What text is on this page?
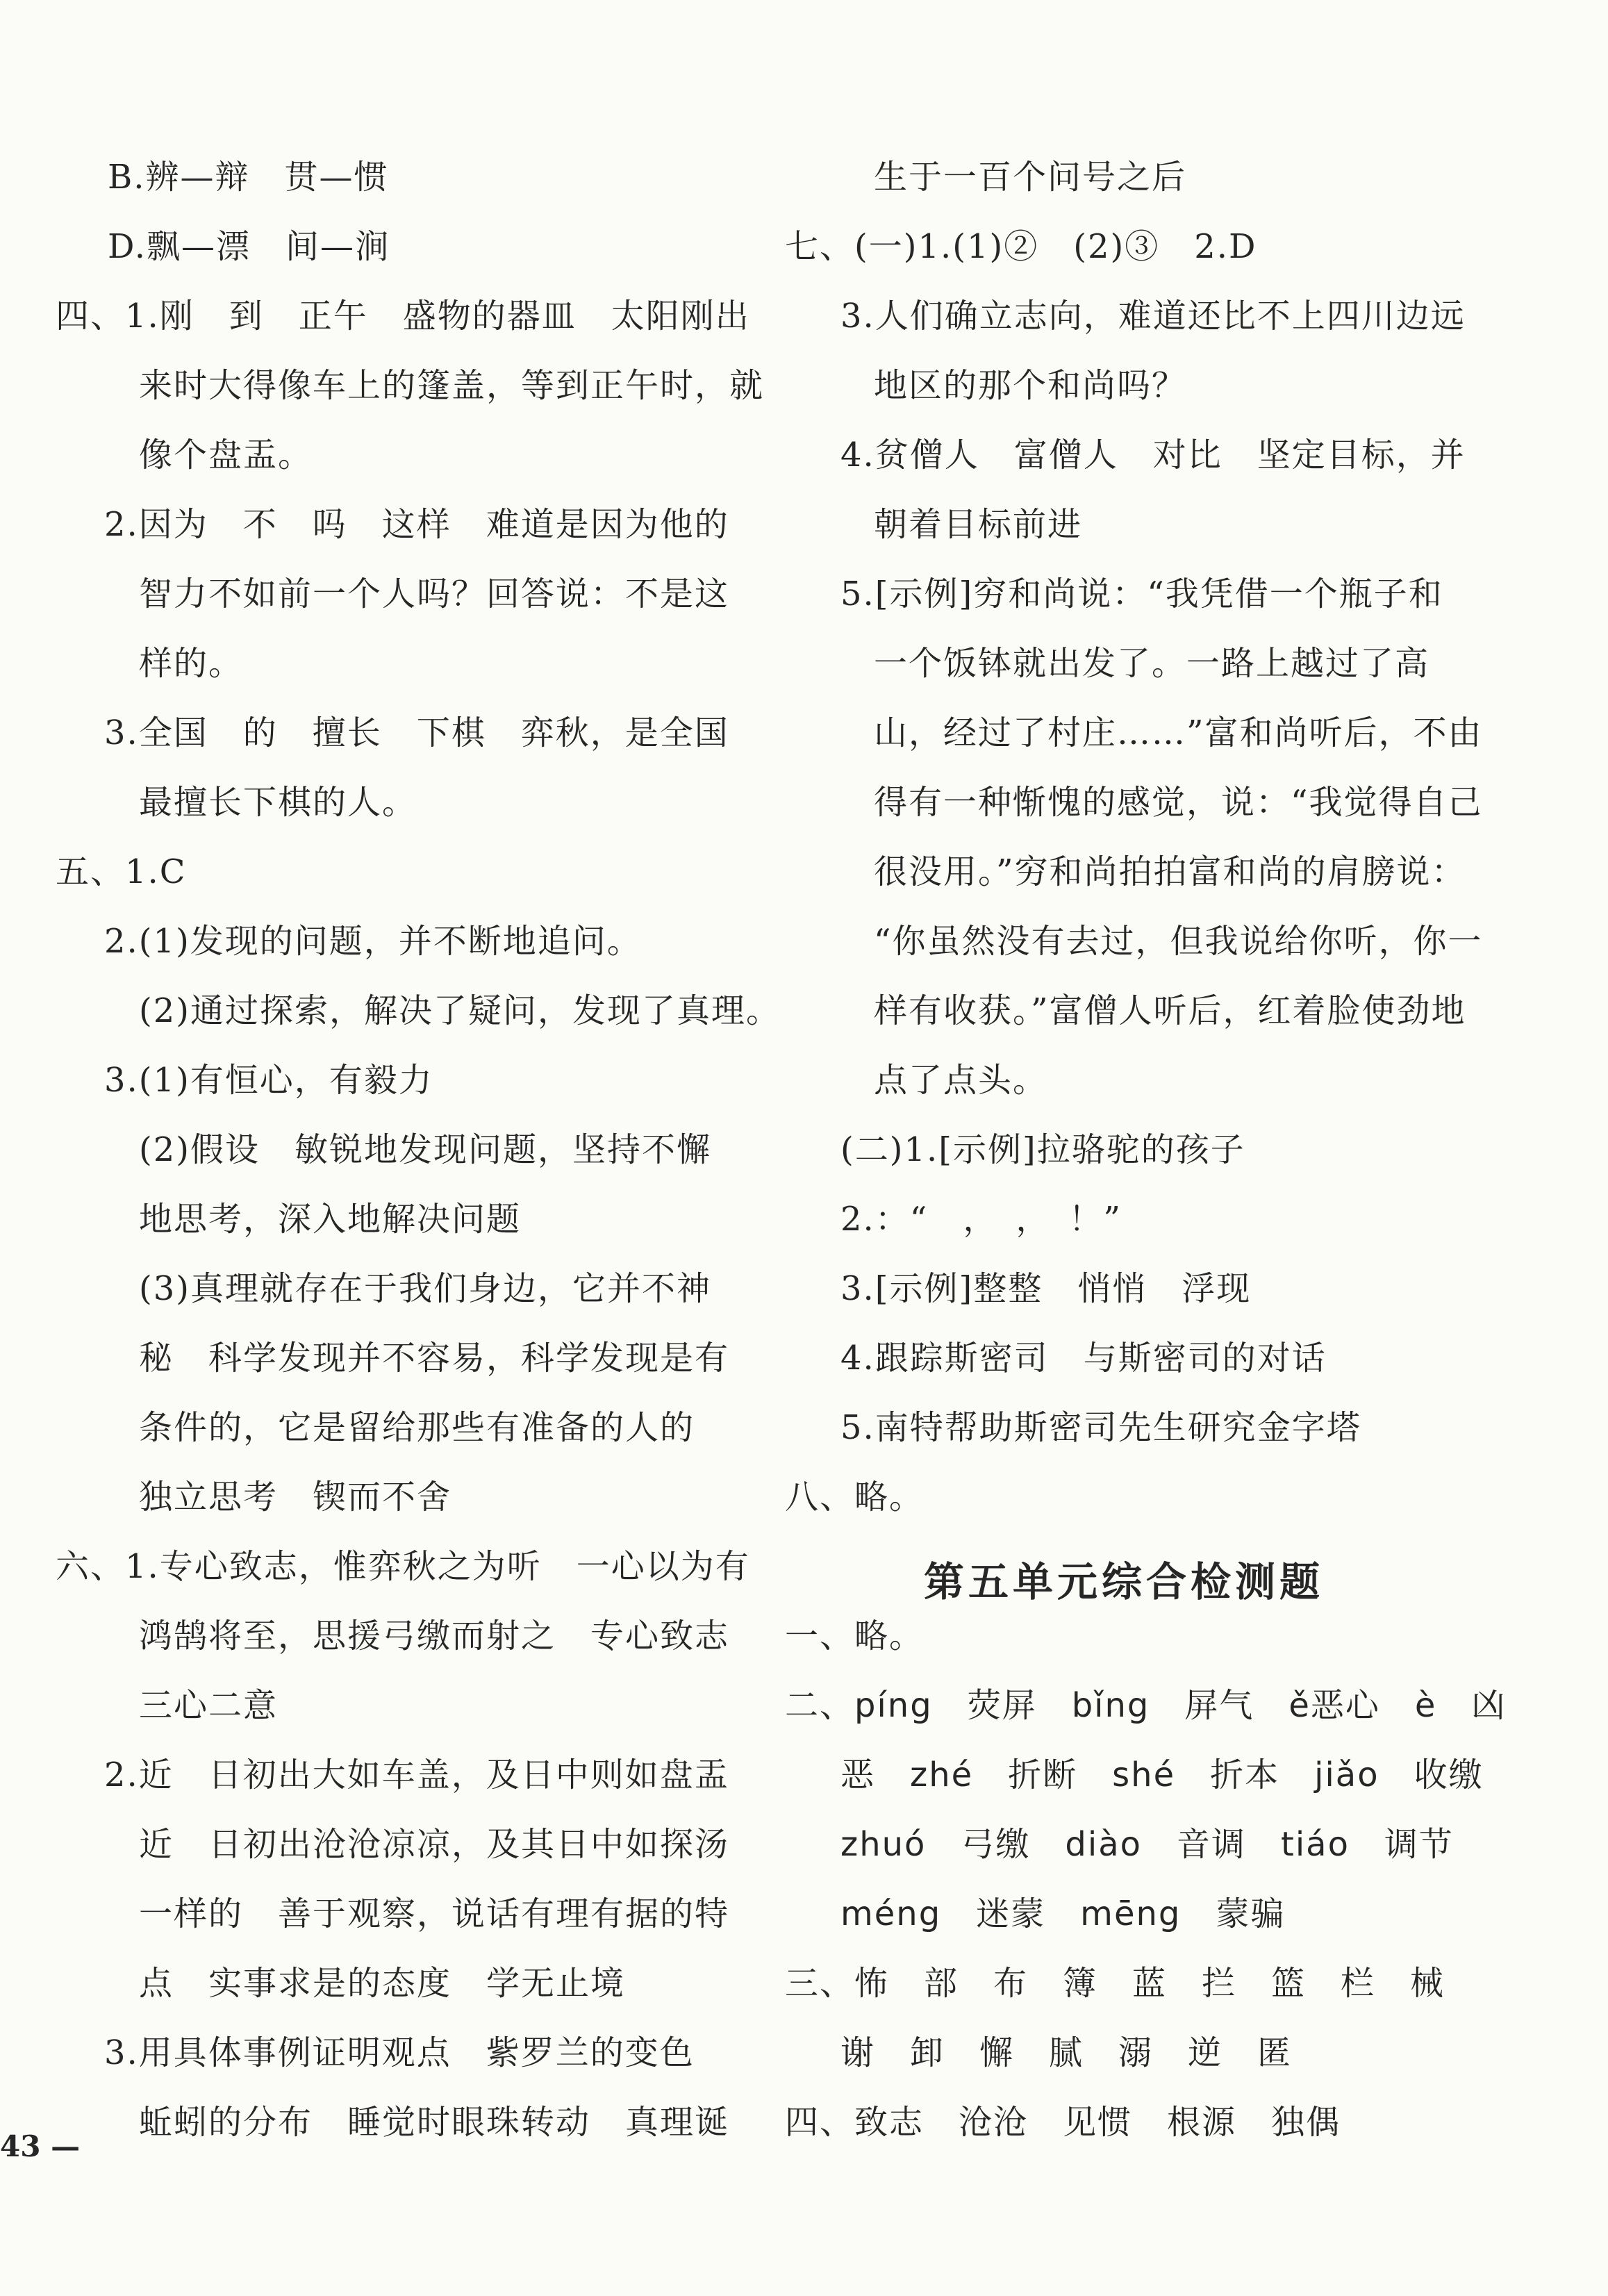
B.辨—辩　贯—惯
D.飘—漂　间—涧
四、1.刚　到　正午　盛物的器皿　太阳刚出
来时大得像车上的篷盖，等到正午时，就
像个盘盂。
2.因为　不　吗　这样　难道是因为他的
智力不如前一个人吗？回答说：不是这
样的。
3.全国　的　擅长　下棋　弈秋，是全国
最擅长下棋的人。
五、1.C
2.(1)发现的问题，并不断地追问。
(2)通过探索，解决了疑问，发现了真理。
3.(1)有恒心，有毅力
(2)假设　敏锐地发现问题，坚持不懈
地思考，深入地解决问题
(3)真理就存在于我们身边，它并不神
秘　科学发现并不容易，科学发现是有
条件的，它是留给那些有准备的人的
独立思考　锲而不舍
六、1.专心致志，惟弈秋之为听　一心以为有
鸿鹄将至，思援弓缴而射之　专心致志
三心二意
2.近　日初出大如车盖，及日中则如盘盂
近　日初出沧沧凉凉，及其日中如探汤
一样的　善于观察，说话有理有据的特
点　实事求是的态度　学无止境
3.用具体事例证明观点　紫罗兰的变色
蚯蚓的分布　睡觉时眼珠转动　真理诞
生于一百个问号之后
七、(一)1.(1)②　(2)③　2.D
3.人们确立志向，难道还比不上四川边远
地区的那个和尚吗？
4.贫僧人　富僧人　对比　坚定目标，并
朝着目标前进
5.[示例]穷和尚说：“我凭借一个瓶子和
一个饭钵就出发了。一路上越过了高
山，经过了村庄……”富和尚听后，不由
得有一种惭愧的感觉，说：“我觉得自己
很没用。”穷和尚拍拍富和尚的肩膀说：
“你虽然没有去过，但我说给你听，你一
样有收获。”富僧人听后，红着脸使劲地
点了点头。
(二)1.[示例]拉骆驼的孩子
2.：“　，　，　！”
3.[示例]整整　悄悄　浮现
4.跟踪斯密司　与斯密司的对话
5.南特帮助斯密司先生研究金字塔
八、略。
第五单元综合检测题
一、略。
二、píng　荧屏　bǐng　屏气　ě恶心　è　凶
恶　zhé　折断　shé　折本　jiǎo　收缴
zhuó　弓缴　diào　音调　tiáo　调节
méng　迷蒙　mēng　蒙骗
三、怖　部　布　簿　蓝　拦　篮　栏　械
谢　卸　懈　腻　溺　逆　匿
四、致志　沧沧　见惯　根源　独偶
43 —
